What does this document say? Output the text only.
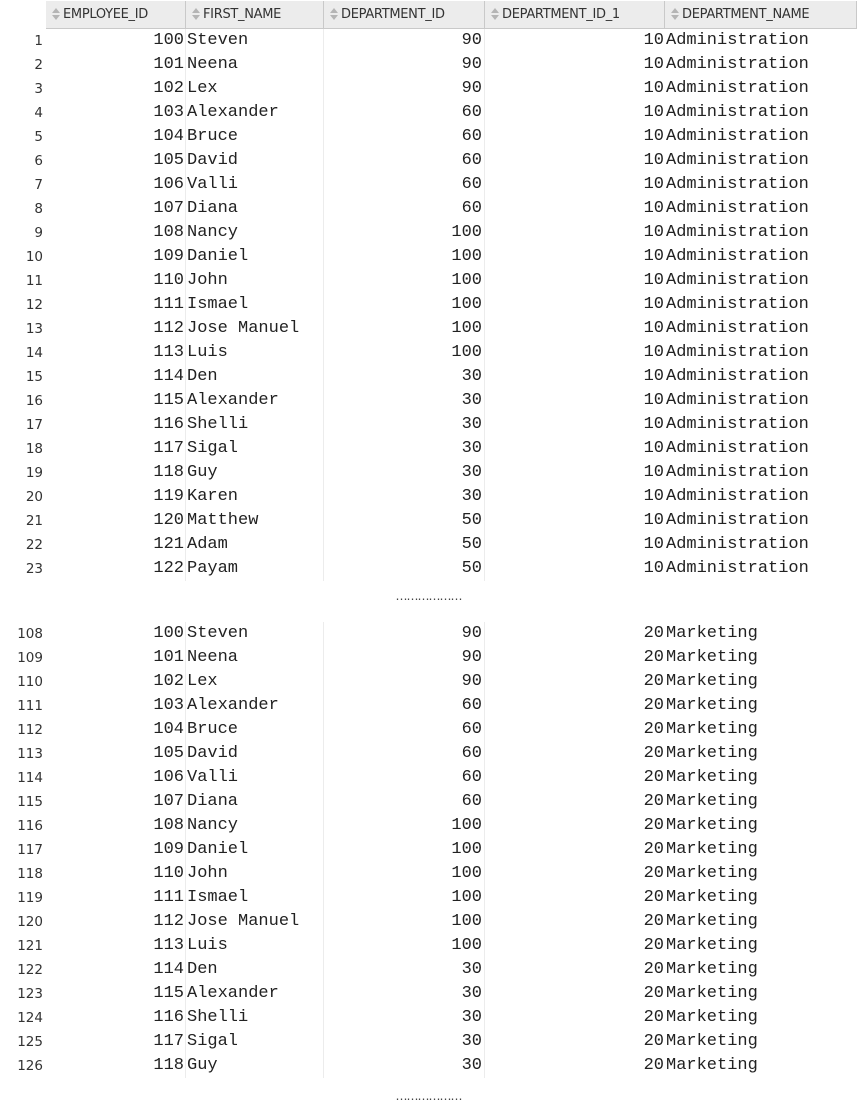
EMPLOYEE_ID	FIRST_NAME	DEPARTMENT_ID	DEPARTMENT_ID_1	DEPARTMENT_NAME
1	100 Steven	90	10 Administration
2	101 Neena	90	10 Administration
3	102 Lex	90	10 Administration
4	103 Alexander	60	10 Administration
5	104 Bruce	60	10 Administration
6	105 David	60	10 Administration
7	106 Valli	60	10 Administration
8	107 Diana	60	10 Administration
9	108 Nancy	100	10 Administration
10	109 Daniel	100	10 Administration
11	110 John	100	10 Administration
12	111 Ismael	100	10 Administration
13	112 Jose Manuel	100	10 Administration
14	113 Luis	100	10 Administration
15	114 Den	30	10 Administration
16	115 Alexander	30	10 Administration
17	116 Shelli	30	10 Administration
18	117 Sigal	30	10 Administration
19	118 Guy	30	10 Administration
20	119 Karen	30	10 Administration
21	120 Matthew	50	10 Administration
22	121 Adam	50	10 Administration
23	122 Payam	50	10 Administration
………………
108	100 Steven	90	20 Marketing
109	101 Neena	90	20 Marketing
110	102 Lex	90	20 Marketing
111	103 Alexander	60	20 Marketing
112	104 Bruce	60	20 Marketing
113	105 David	60	20 Marketing
114	106 Valli	60	20 Marketing
115	107 Diana	60	20 Marketing
116	108 Nancy	100	20 Marketing
117	109 Daniel	100	20 Marketing
118	110 John	100	20 Marketing
119	111 Ismael	100	20 Marketing
120	112 Jose Manuel	100	20 Marketing
121	113 Luis	100	20 Marketing
122	114 Den	30	20 Marketing
123	115 Alexander	30	20 Marketing
124	116 Shelli	30	20 Marketing
125	117 Sigal	30	20 Marketing
126	118 Guy	30	20 Marketing
………………
